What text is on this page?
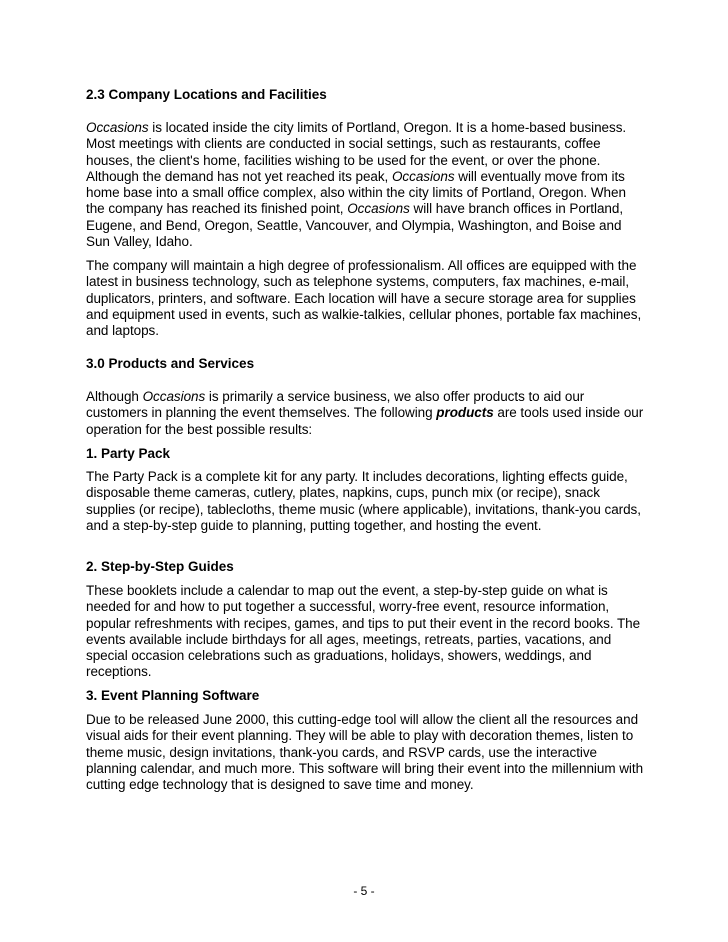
2.3 Company Locations and Facilities

Occasions is located inside the city limits of Portland, Oregon. It is a home-based business. Most meetings with clients are conducted in social settings, such as restaurants, coffee houses, the client's home, facilities wishing to be used for the event, or over the phone. Although the demand has not yet reached its peak, Occasions will eventually move from its home base into a small office complex, also within the city limits of Portland, Oregon. When the company has reached its finished point, Occasions will have branch offices in Portland, Eugene, and Bend, Oregon, Seattle, Vancouver, and Olympia, Washington, and Boise and Sun Valley, Idaho.

The company will maintain a high degree of professionalism. All offices are equipped with the latest in business technology, such as telephone systems, computers, fax machines, e-mail, duplicators, printers, and software. Each location will have a secure storage area for supplies and equipment used in events, such as walkie-talkies, cellular phones, portable fax machines, and laptops.

3.0 Products and Services

Although Occasions is primarily a service business, we also offer products to aid our customers in planning the event themselves. The following products are tools used inside our operation for the best possible results:

1. Party Pack

The Party Pack is a complete kit for any party. It includes decorations, lighting effects guide, disposable theme cameras, cutlery, plates, napkins, cups, punch mix (or recipe), snack supplies (or recipe), tablecloths, theme music (where applicable), invitations, thank-you cards, and a step-by-step guide to planning, putting together, and hosting the event.

2. Step-by-Step Guides

These booklets include a calendar to map out the event, a step-by-step guide on what is needed for and how to put together a successful, worry-free event, resource information, popular refreshments with recipes, games, and tips to put their event in the record books. The events available include birthdays for all ages, meetings, retreats, parties, vacations, and special occasion celebrations such as graduations, holidays, showers, weddings, and receptions.

3. Event Planning Software

Due to be released June 2000, this cutting-edge tool will allow the client all the resources and visual aids for their event planning. They will be able to play with decoration themes, listen to theme music, design invitations, thank-you cards, and RSVP cards, use the interactive planning calendar, and much more. This software will bring their event into the millennium with cutting edge technology that is designed to save time and money.

- 5 -
